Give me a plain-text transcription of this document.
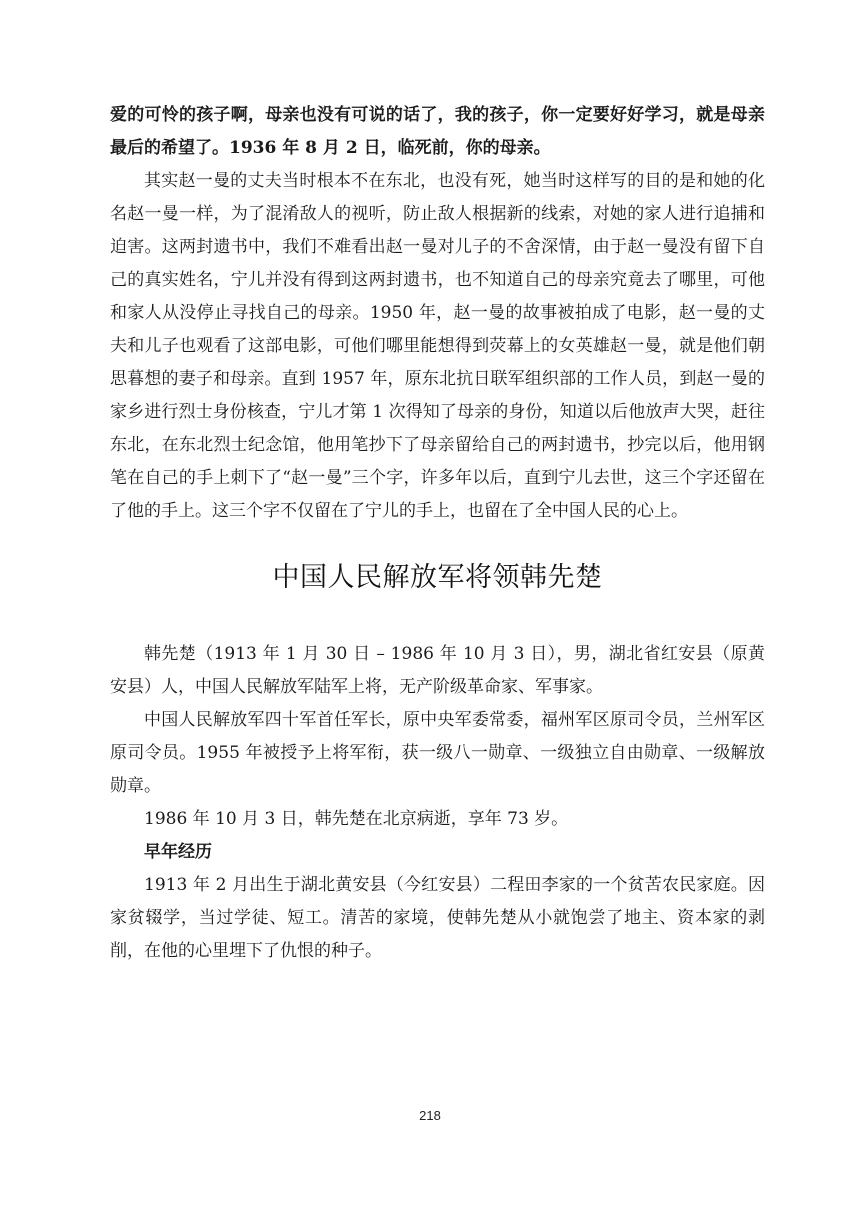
爱的可怜的孩子啊，母亲也没有可说的话了，我的孩子，你一定要好好学习，就是母亲最后的希望了。1936 年 8 月 2 日，临死前，你的母亲。

其实赵一曼的丈夫当时根本不在东北，也没有死，她当时这样写的目的是和她的化名赵一曼一样，为了混淆敌人的视听，防止敌人根据新的线索，对她的家人进行追捕和迫害。这两封遗书中，我们不难看出赵一曼对儿子的不舍深情，由于赵一曼没有留下自己的真实姓名，宁儿并没有得到这两封遗书，也不知道自己的母亲究竟去了哪里，可他和家人从没停止寻找自己的母亲。1950 年，赵一曼的故事被拍成了电影，赵一曼的丈夫和儿子也观看了这部电影，可他们哪里能想得到荧幕上的女英雄赵一曼，就是他们朝思暮想的妻子和母亲。直到 1957 年，原东北抗日联军组织部的工作人员，到赵一曼的家乡进行烈士身份核查，宁儿才第 1 次得知了母亲的身份，知道以后他放声大哭，赶往东北，在东北烈士纪念馆，他用笔抄下了母亲留给自己的两封遗书，抄完以后，他用钢笔在自己的手上刺下了“赵一曼”三个字，许多年以后，直到宁儿去世，这三个字还留在了他的手上。这三个字不仅留在了宁儿的手上，也留在了全中国人民的心上。

中国人民解放军将领韩先楚

韩先楚（1913 年 1 月 30 日 – 1986 年 10 月 3 日），男，湖北省红安县（原黄安县）人，中国人民解放军陆军上将，无产阶级革命家、军事家。

中国人民解放军四十军首任军长，原中央军委常委，福州军区原司令员，兰州军区原司令员。1955 年被授予上将军衔，获一级八一勋章、一级独立自由勋章、一级解放勋章。

1986 年 10 月 3 日，韩先楚在北京病逝，享年 73 岁。

早年经历

1913 年 2 月出生于湖北黄安县（今红安县）二程田李家的一个贫苦农民家庭。因家贫辍学，当过学徒、短工。清苦的家境，使韩先楚从小就饱尝了地主、资本家的剥削，在他的心里埋下了仇恨的种子。

218
